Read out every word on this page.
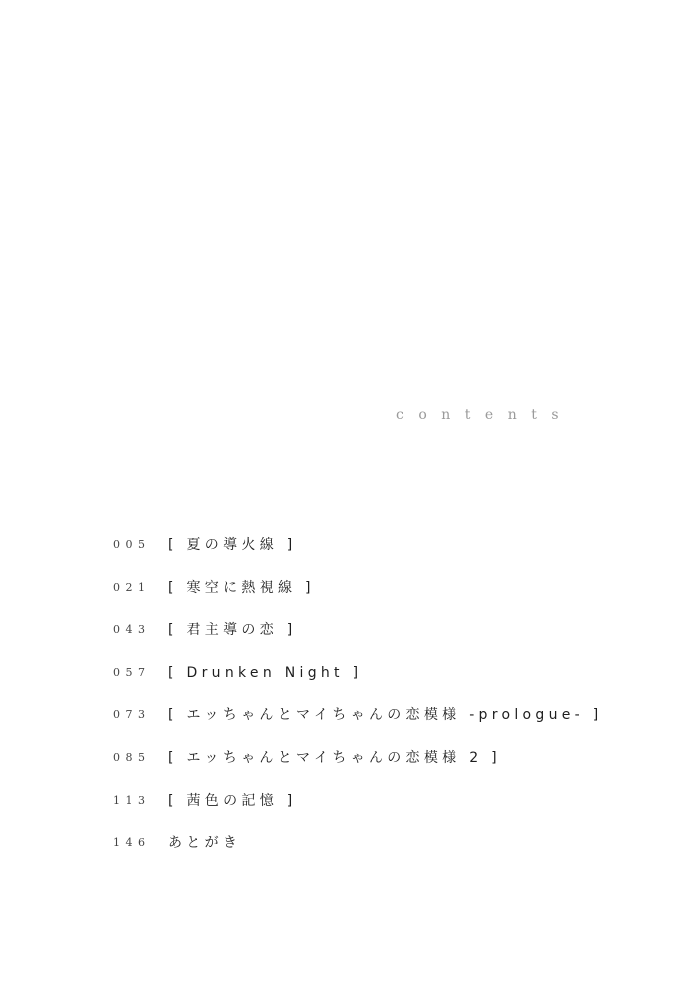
contents
005	[ 夏の導火線 ]
021	[ 寒空に熱視線 ]
043	[ 君主導の恋 ]
057	[ Drunken Night ]
073	[ エッちゃんとマイちゃんの恋模様 -prologue- ]
085	[ エッちゃんとマイちゃんの恋模様 2 ]
113	[ 茜色の記憶 ]
146	あとがき
